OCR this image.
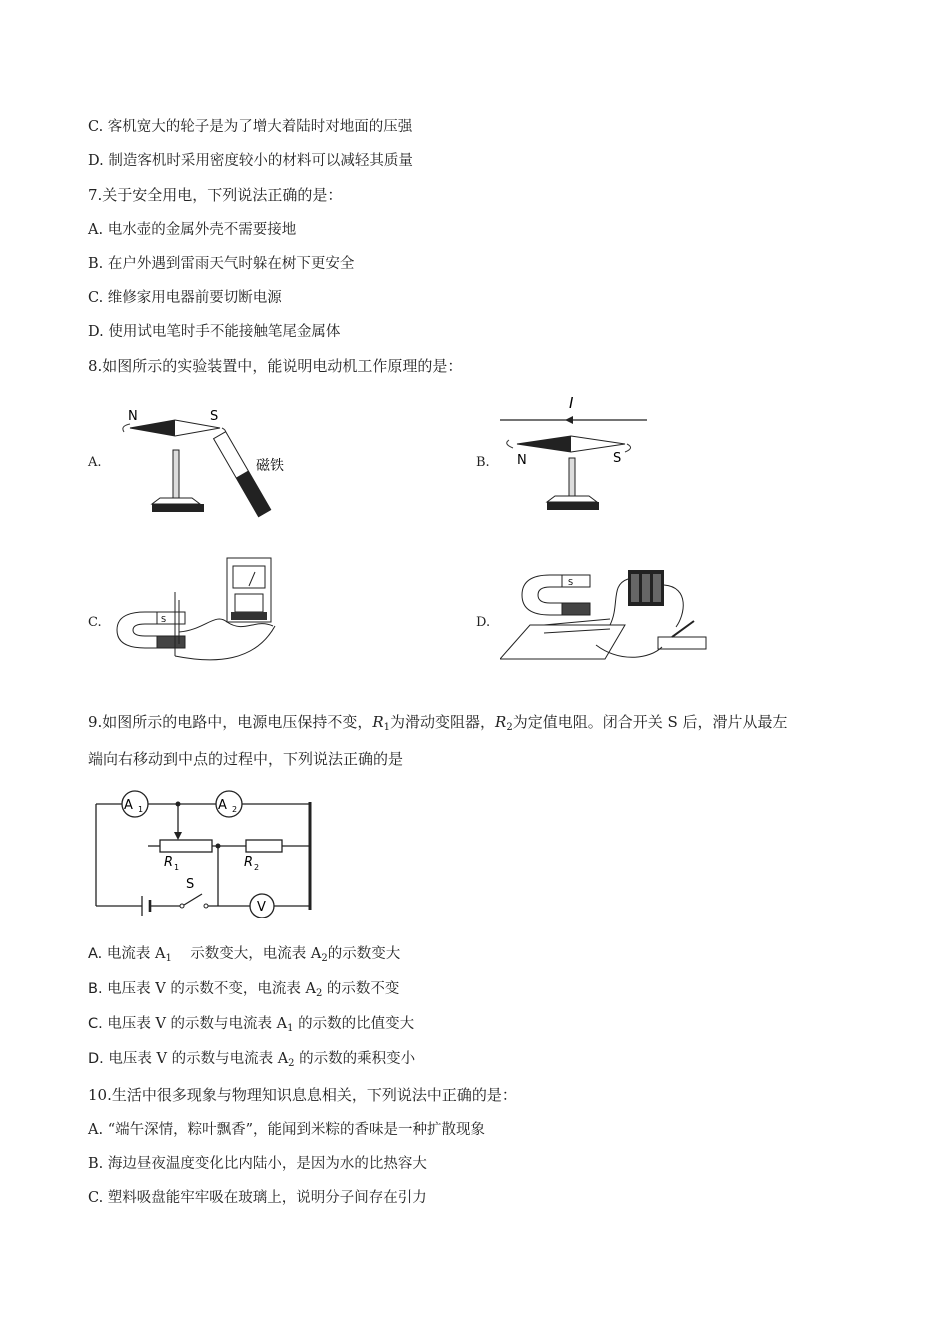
C. 客机宽大的轮子是为了增大着陆时对地面的压强
D. 制造客机时采用密度较小的材料可以减轻其质量
7.关于安全用电，下列说法正确的是：
A. 电水壶的金属外壳不需要接地
B. 在户外遇到雷雨天气时躲在树下更安全
C. 维修家用电器前要切断电源
D. 使用试电笔时手不能接触笔尾金属体
8.如图所示的实验装置中，能说明电动机工作原理的是：
A.	B.
C.	D.
N	S
磁铁
I
N	S
S
S
9.如图所示的电路中，电源电压保持不变，$R_1$为滑动变阻器，$R_2$为定值电阻。闭合开关 S 后，滑片从最左
端向右移动到中点的过程中，下列说法正确的是
A 1	A 2
R 1	R 2
S
V
A. 电流表 $A_1$    示数变大，电流表 $A_2$的示数变大
B. 电压表 V 的示数不变，电流表 $A_2$ 的示数不变
C. 电压表 V 的示数与电流表 $A_1$ 的示数的比值变大
D. 电压表 V 的示数与电流表 $A_2$ 的示数的乘积变小
10.生活中很多现象与物理知识息息相关，下列说法中正确的是：
A. “端午深情，粽叶飘香”，能闻到米粽的香味是一种扩散现象
B. 海边昼夜温度变化比内陆小，是因为水的比热容大
C. 塑料吸盘能牢牢吸在玻璃上，说明分子间存在引力
